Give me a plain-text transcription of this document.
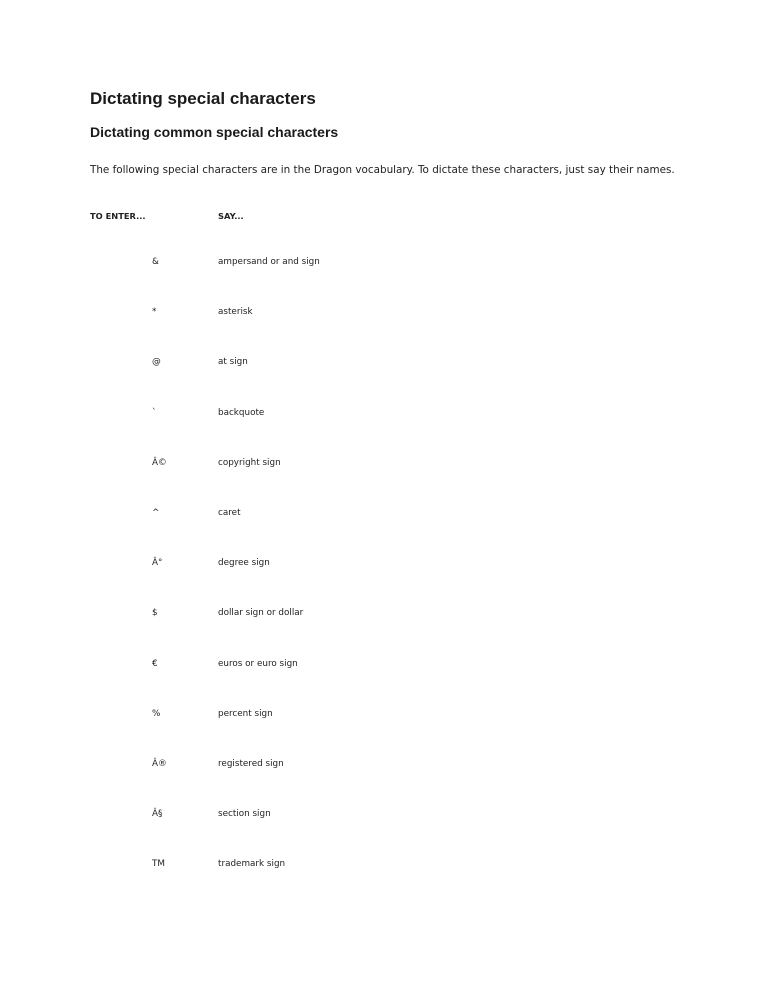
Dictating special characters
Dictating common special characters

The following special characters are in the Dragon vocabulary. To dictate these characters, just say their names.

TO ENTER...	SAY...
&	ampersand or and sign
*	asterisk
@	at sign
`	backquote
Â©	copyright sign
^	caret
Â°	degree sign
$	dollar sign or dollar
€	euros or euro sign
%	percent sign
Â®	registered sign
Â§	section sign
TM	trademark sign
